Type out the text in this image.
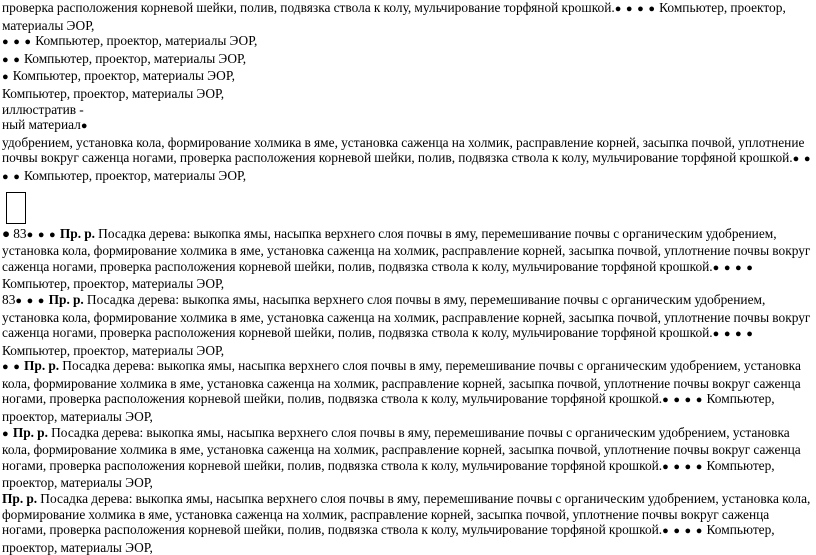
проверка расположения корневой шейки, полив, подвязка ствола к колу, мульчирование торфяной крошкой.● ● ● ● Компьютер, проектор,

материалы ЭОР,

● ● ● Компьютер, проектор, материалы ЭОР,

● ● Компьютер, проектор, материалы ЭОР,

● Компьютер, проектор, материалы ЭОР,

Компьютер, проектор, материалы ЭОР,

иллюстратив -

ный материал●

удобрением, установка кола, формирование холмика в яме, установка саженца на холмик, расправление корней, засыпка почвой, уплотнение почвы вокруг саженца ногами, проверка расположения корневой шейки, полив, подвязка ствола к колу, мульчирование торфяной крошкой.● ● ● ● Компьютер, проектор, материалы ЭОР,

● 83● ● ● Пр. р. Посадка дерева: выкопка ямы, насыпка верхнего слоя почвы в яму, перемешивание почвы с органическим удобрением, установка кола, формирование холмика в яме, установка саженца на холмик, расправление корней, засыпка почвой, уплотнение почвы вокруг саженца ногами, проверка расположения корневой шейки, полив, подвязка ствола к колу, мульчирование торфяной крошкой.● ● ● ● Компьютер, проектор, материалы ЭОР,

83● ● ● Пр. р. Посадка дерева: выкопка ямы, насыпка верхнего слоя почвы в яму, перемешивание почвы с органическим удобрением, установка кола, формирование холмика в яме, установка саженца на холмик, расправление корней, засыпка почвой, уплотнение почвы вокруг саженца ногами, проверка расположения корневой шейки, полив, подвязка ствола к колу, мульчирование торфяной крошкой.● ● ● ● Компьютер, проектор, материалы ЭОР,

● ● Пр. р. Посадка дерева: выкопка ямы, насыпка верхнего слоя почвы в яму, перемешивание почвы с органическим удобрением, установка кола, формирование холмика в яме, установка саженца на холмик, расправление корней, засыпка почвой, уплотнение почвы вокруг саженца ногами, проверка расположения корневой шейки, полив, подвязка ствола к колу, мульчирование торфяной крошкой.● ● ● ● Компьютер, проектор, материалы ЭОР,

● Пр. р. Посадка дерева: выкопка ямы, насыпка верхнего слоя почвы в яму, перемешивание почвы с органическим удобрением, установка кола, формирование холмика в яме, установка саженца на холмик, расправление корней, засыпка почвой, уплотнение почвы вокруг саженца ногами, проверка расположения корневой шейки, полив, подвязка ствола к колу, мульчирование торфяной крошкой.● ● ● ● Компьютер, проектор, материалы ЭОР,

Пр. р. Посадка дерева: выкопка ямы, насыпка верхнего слоя почвы в яму, перемешивание почвы с органическим удобрением, установка кола, формирование холмика в яме, установка саженца на холмик, расправление корней, засыпка почвой, уплотнение почвы вокруг саженца ногами, проверка расположения корневой шейки, полив, подвязка ствола к колу, мульчирование торфяной крошкой.● ● ● ● Компьютер, проектор, материалы ЭОР,
